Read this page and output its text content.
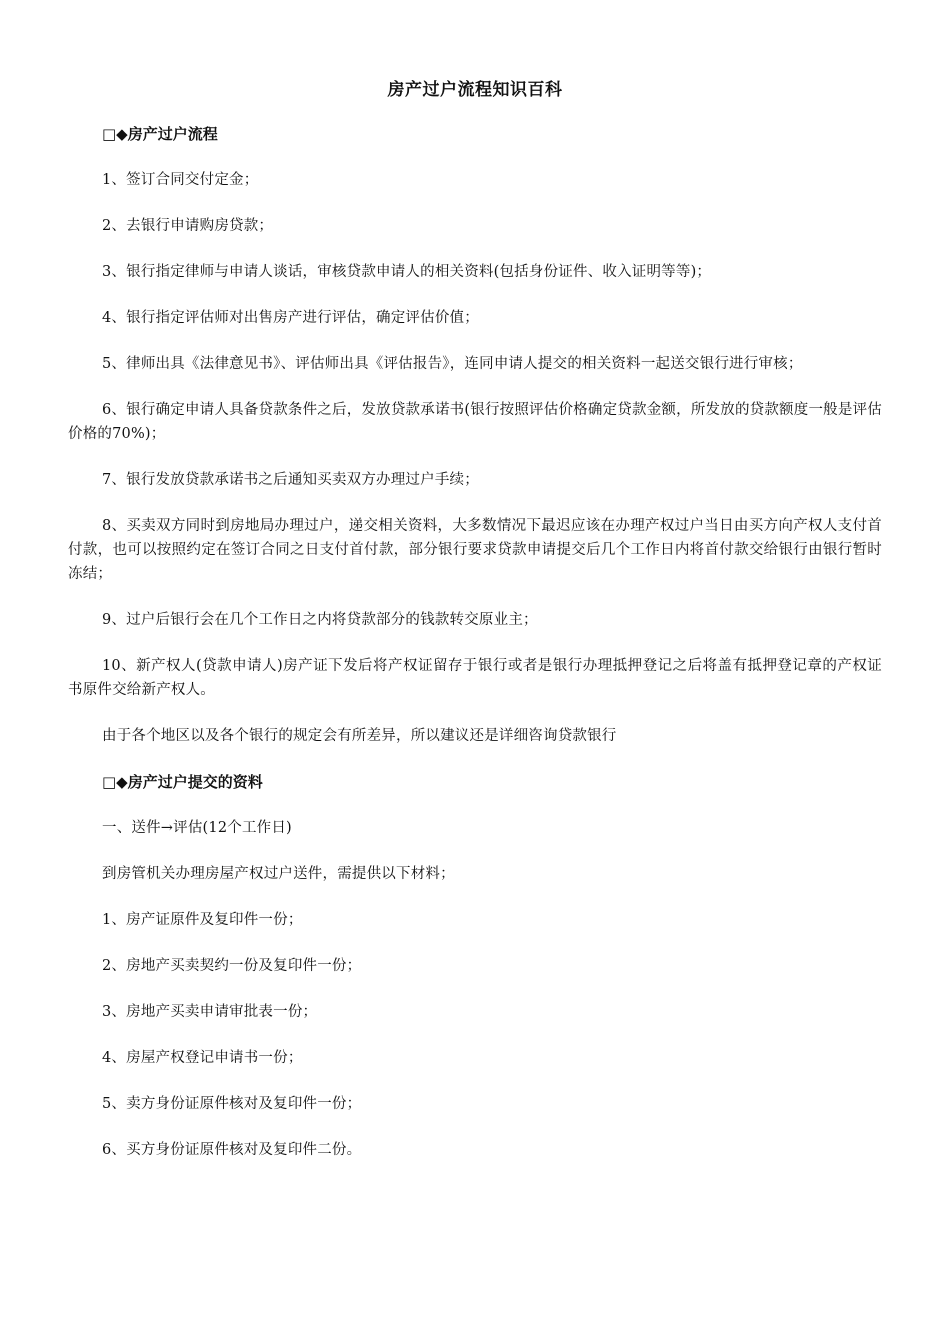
房产过户流程知识百科
□◆房产过户流程
1、签订合同交付定金；
2、去银行申请购房贷款；
3、银行指定律师与申请人谈话，审核贷款申请人的相关资料(包括身份证件、收入证明等等)；
4、银行指定评估师对出售房产进行评估，确定评估价值；
5、律师出具《法律意见书》、评估师出具《评估报告》，连同申请人提交的相关资料一起送交银行进行审核；
6、银行确定申请人具备贷款条件之后，发放贷款承诺书(银行按照评估价格确定贷款金额，所发放的贷款额度一般是评估价格的70%)；
7、银行发放贷款承诺书之后通知买卖双方办理过户手续；
8、买卖双方同时到房地局办理过户，递交相关资料，大多数情况下最迟应该在办理产权过户当日由买方向产权人支付首付款，也可以按照约定在签订合同之日支付首付款，部分银行要求贷款申请提交后几个工作日内将首付款交给银行由银行暂时冻结；
9、过户后银行会在几个工作日之内将贷款部分的钱款转交原业主；
10、新产权人(贷款申请人)房产证下发后将产权证留存于银行或者是银行办理抵押登记之后将盖有抵押登记章的产权证书原件交给新产权人。
由于各个地区以及各个银行的规定会有所差异，所以建议还是详细咨询贷款银行
□◆房产过户提交的资料
一、送件→评估(12个工作日)
到房管机关办理房屋产权过户送件，需提供以下材料；
1、房产证原件及复印件一份；
2、房地产买卖契约一份及复印件一份；
3、房地产买卖申请审批表一份；
4、房屋产权登记申请书一份；
5、卖方身份证原件核对及复印件一份；
6、买方身份证原件核对及复印件二份。
